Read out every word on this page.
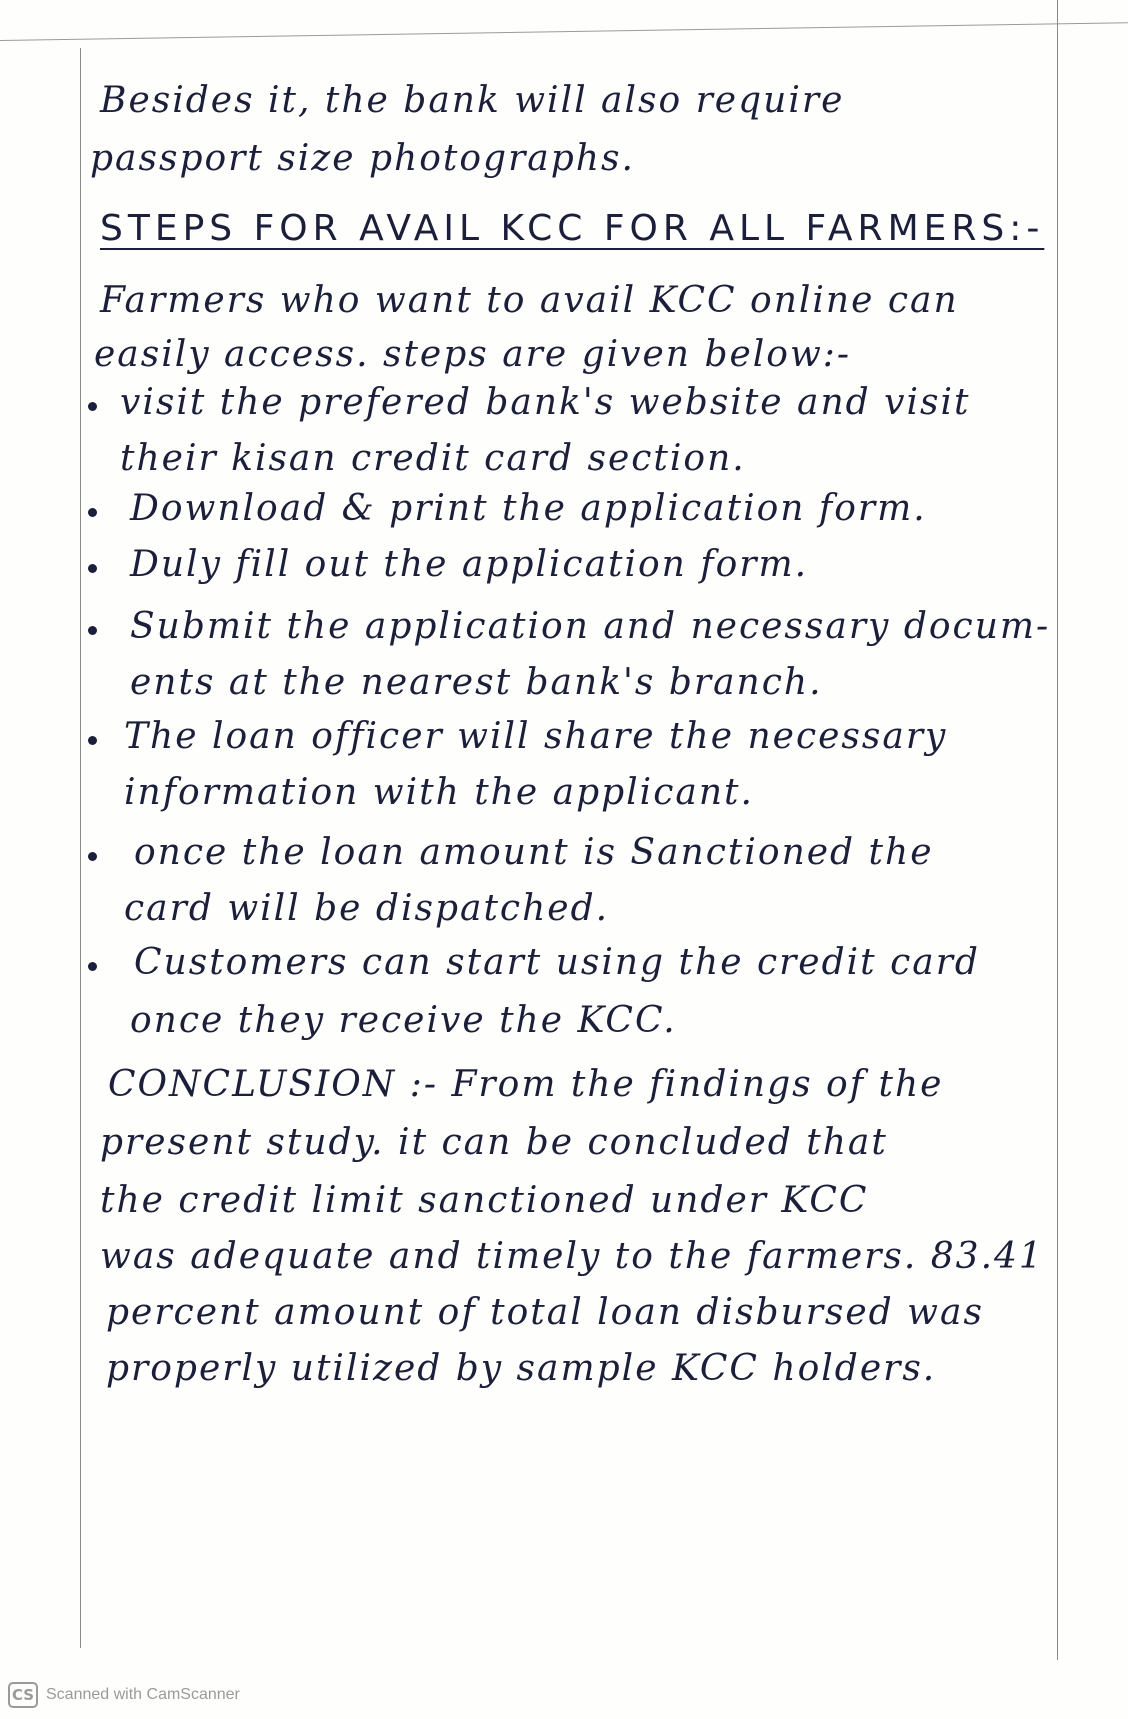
Besides it, the bank will also require
passport size photographs.
STEPS FOR AVAIL KCC FOR ALL FARMERS:-
Farmers who want to avail KCC online can
easily access. steps are given below:-
visit the prefered bank's website and visit
their kisan credit card section.
Download & print the application form.
Duly fill out the application form.
Submit the application and necessary docum-
ents at the nearest bank's branch.
The loan officer will share the necessary
information with the applicant.
once the loan amount is Sanctioned the
card will be dispatched.
Customers can start using the credit card
once they receive the KCC.
CONCLUSION :- From the findings of the
present study. it can be concluded that
the credit limit sanctioned under KCC
was adequate and timely to the farmers. 83.41
percent amount of total loan disbursed was
properly utilized by sample KCC holders.
CS Scanned with CamScanner
